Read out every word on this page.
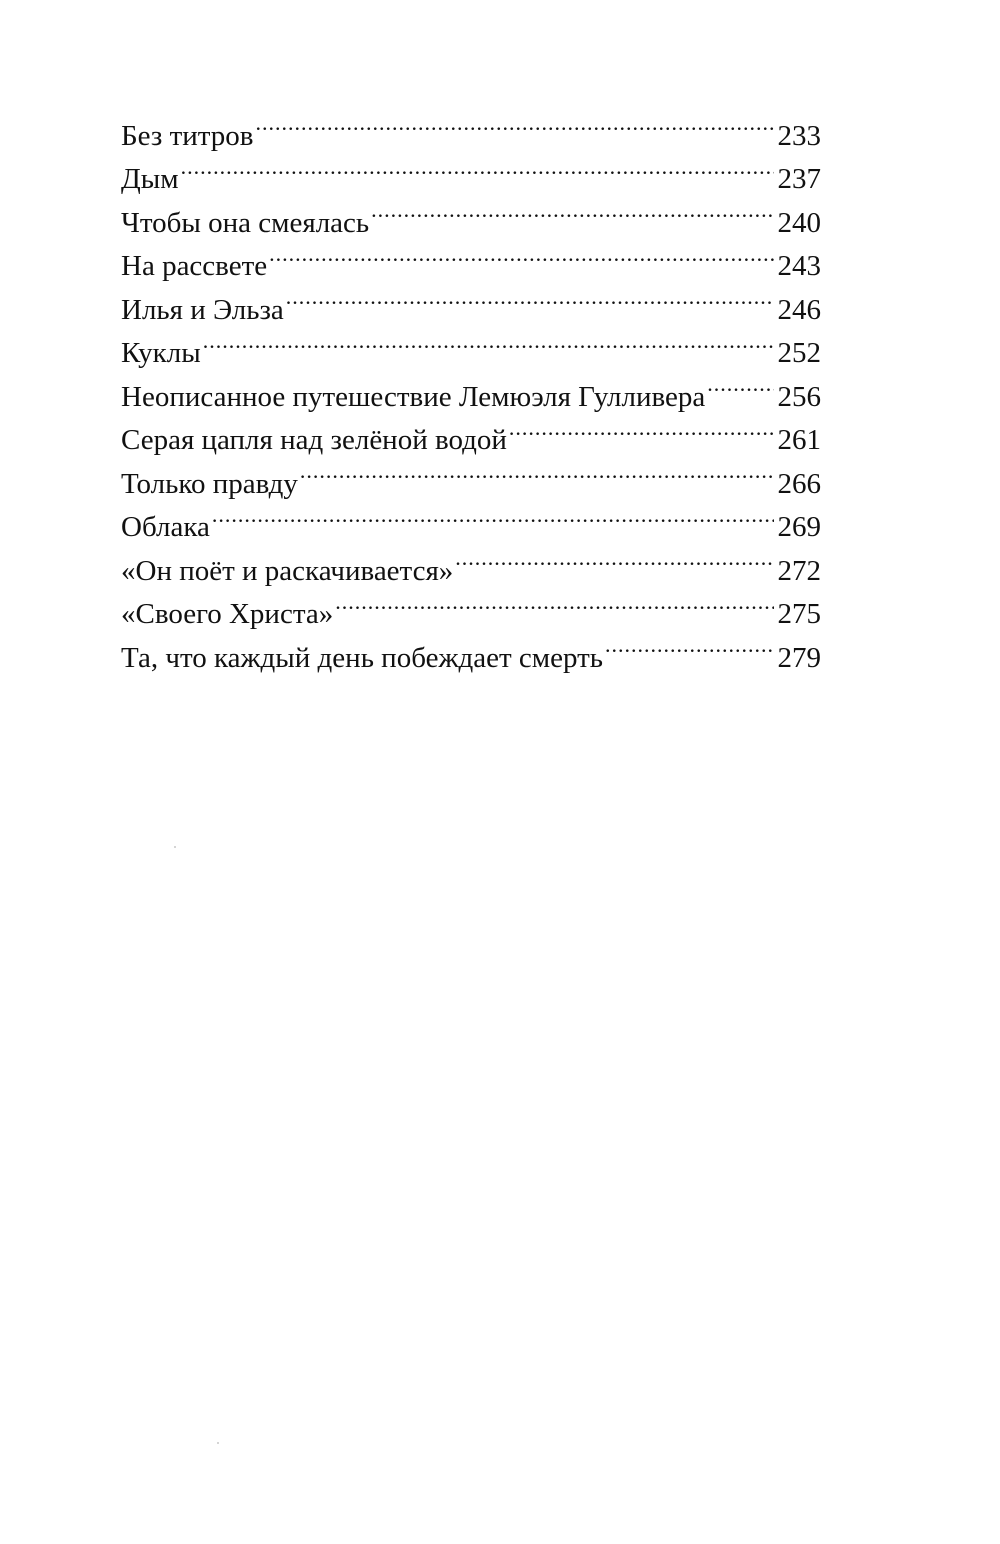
Без титров .....	233
Дым .....	237
Чтобы она смеялась .....	240
На рассвете .....	243
Илья и Эльза .....	246
Куклы .....	252
Неописанное путешествие Лемюэля Гулливера ..... 256
Серая цапля над зелёной водой .....	261
Только правду .....	266
Облака .....	269
«Он поёт и раскачивается» .....	272
«Своего Христа» .....	275
Та, что каждый день побеждает смерть .....	279
